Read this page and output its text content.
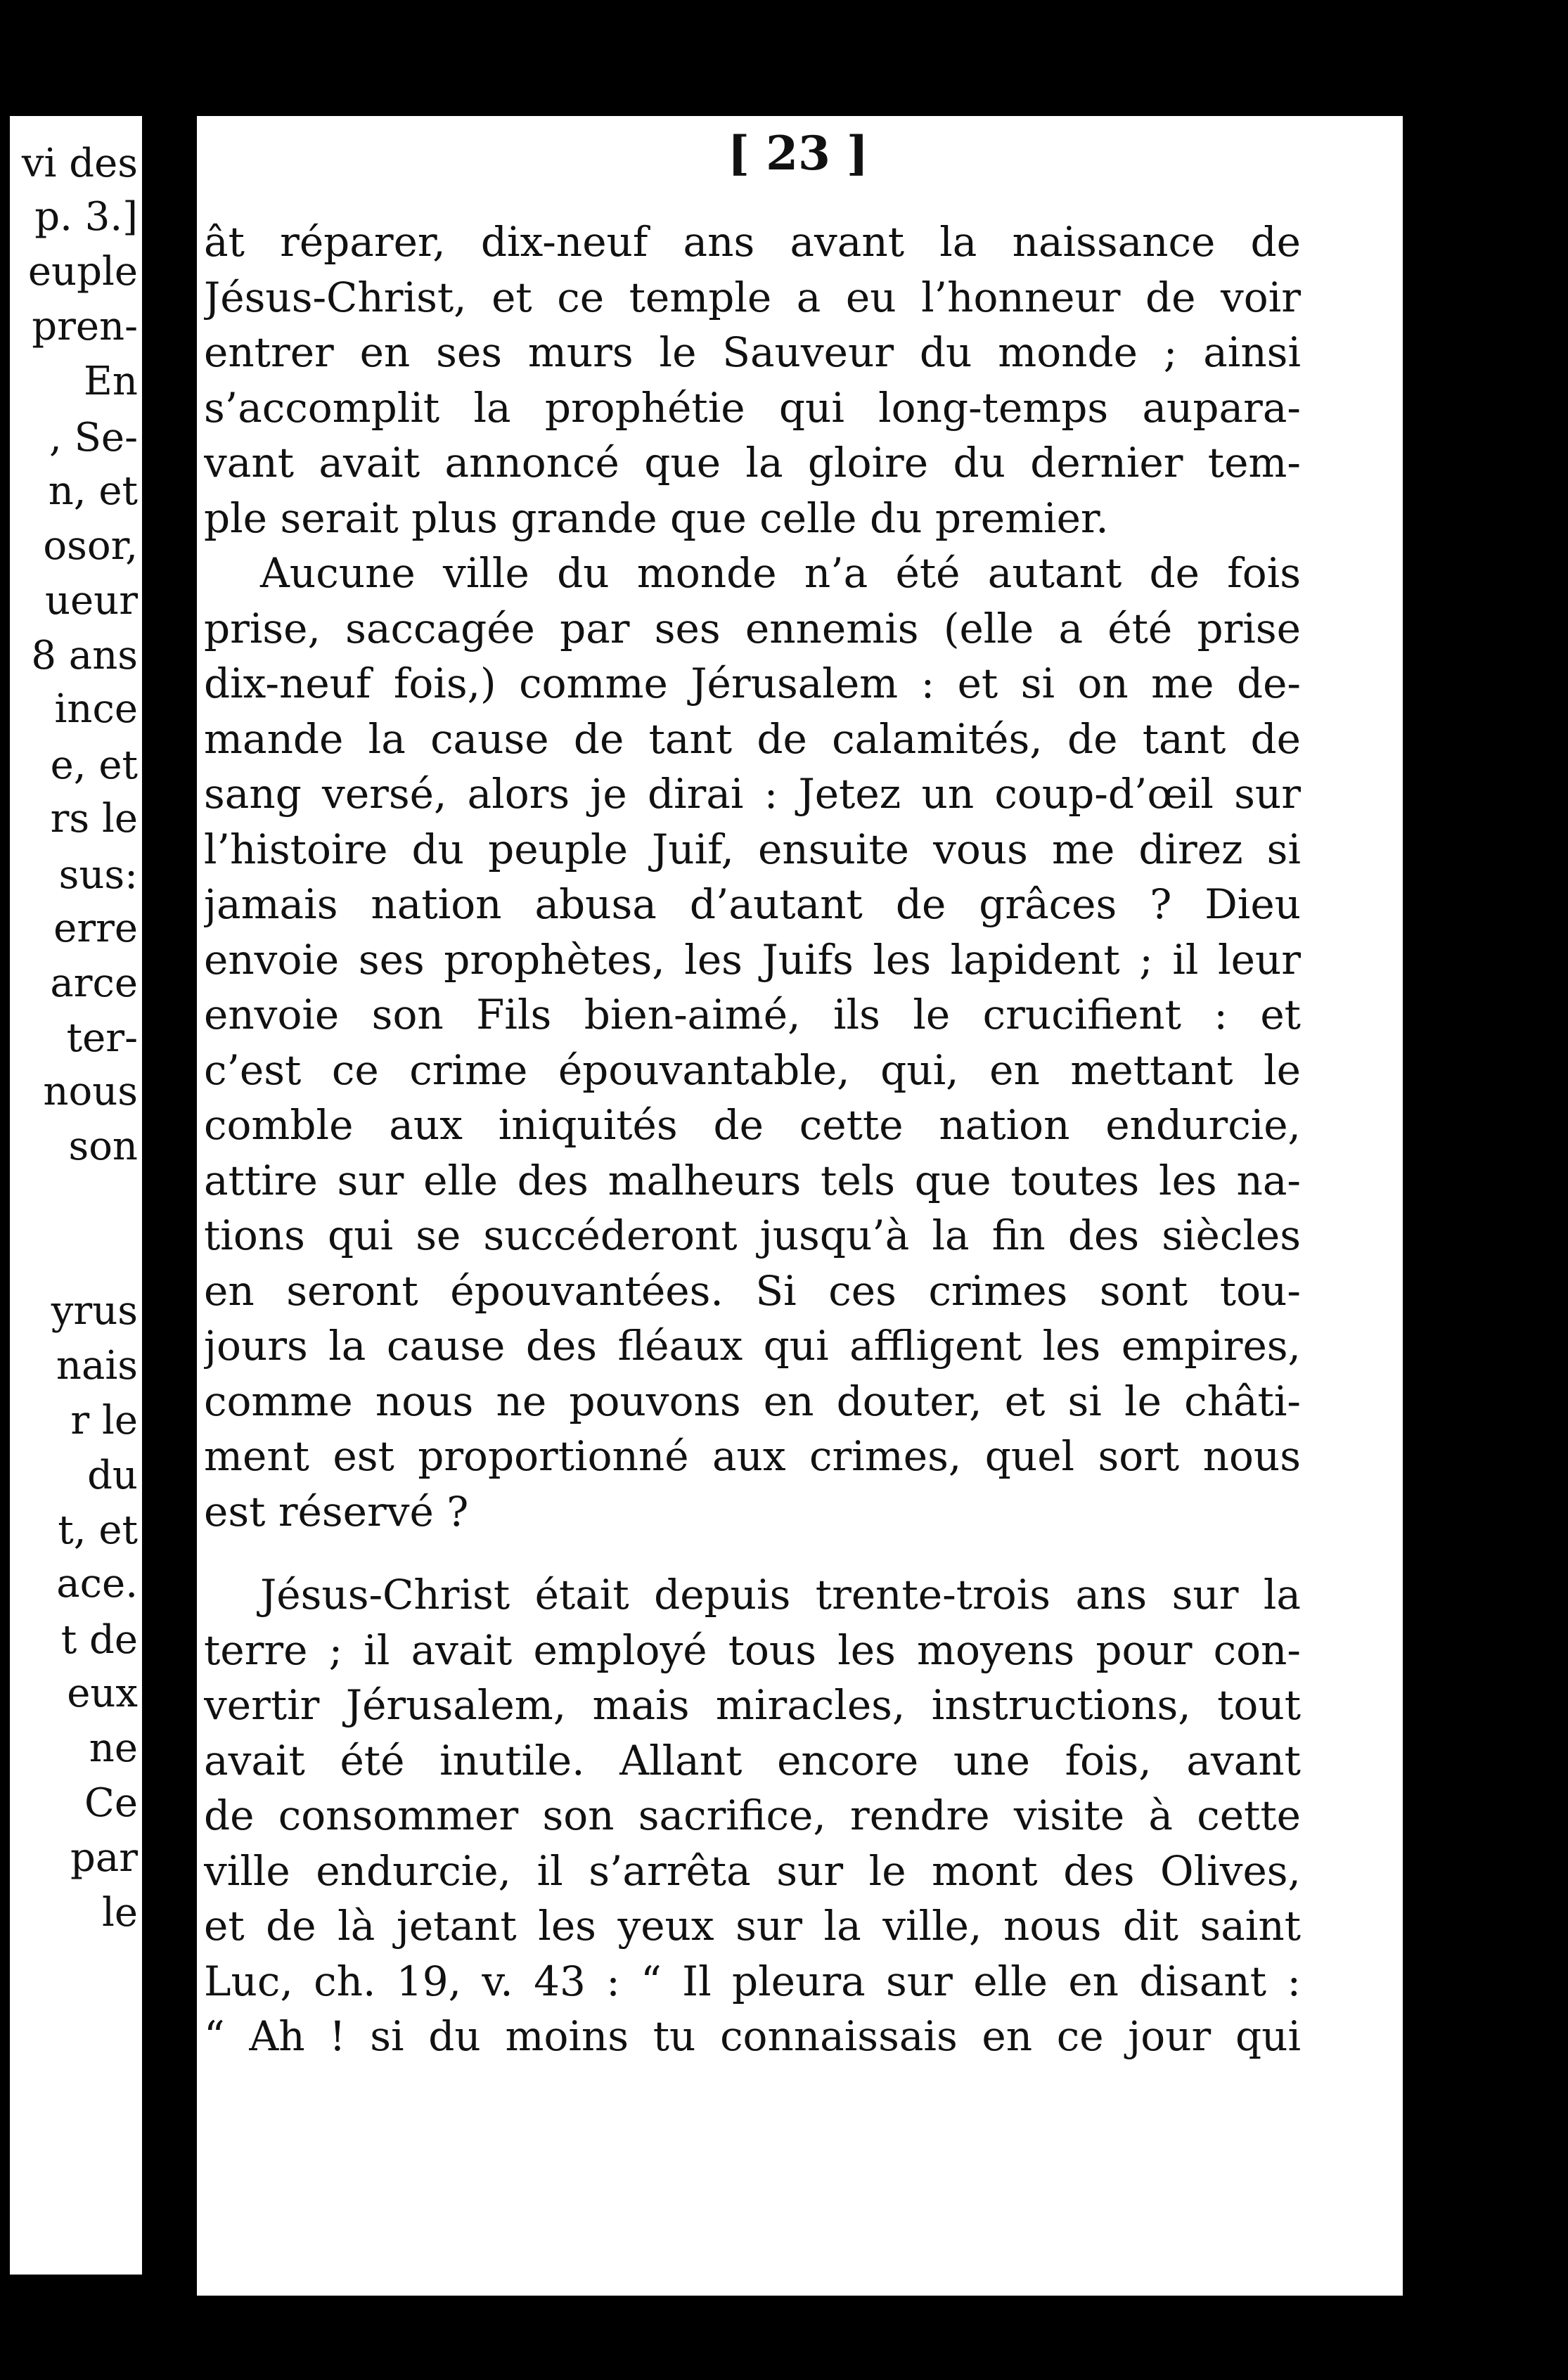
vi des
p. 3.]
euple
pren-
En
, Se-
n, et
osor,
ueur
8 ans
ince
e, et
rs le
sus:
erre
arce
ter-
nous
son
yrus
nais
r le
du
t, et
ace.
t de
eux
ne
Ce
par
le
[ 23 ]
ât réparer, dix-neuf ans avant la naissance de
Jésus-Christ, et ce temple a eu l’honneur de voir
entrer en ses murs le Sauveur du monde ; ainsi
s’accomplit la prophétie qui long-temps aupara-
vant avait annoncé que la gloire du dernier tem-
ple serait plus grande que celle du premier.
Aucune ville du monde n’a été autant de fois
prise, saccagée par ses ennemis (elle a été prise
dix-neuf fois,) comme Jérusalem : et si on me de-
mande la cause de tant de calamités, de tant de
sang versé, alors je dirai : Jetez un coup-d’œil sur
l’histoire du peuple Juif, ensuite vous me direz si
jamais nation abusa d’autant de grâces ? Dieu
envoie ses prophètes, les Juifs les lapident ; il leur
envoie son Fils bien-aimé, ils le crucifient : et
c’est ce crime épouvantable, qui, en mettant le
comble aux iniquités de cette nation endurcie,
attire sur elle des malheurs tels que toutes les na-
tions qui se succéderont jusqu’à la fin des siècles
en seront épouvantées. Si ces crimes sont tou-
jours la cause des fléaux qui affligent les empires,
comme nous ne pouvons en douter, et si le châti-
ment est proportionné aux crimes, quel sort nous
est réservé ?
Jésus-Christ était depuis trente-trois ans sur la
terre ; il avait employé tous les moyens pour con-
vertir Jérusalem, mais miracles, instructions, tout
avait été inutile. Allant encore une fois, avant
de consommer son sacrifice, rendre visite à cette
ville endurcie, il s’arrêta sur le mont des Olives,
et de là jetant les yeux sur la ville, nous dit saint
Luc, ch. 19, v. 43 : “ Il pleura sur elle en disant :
“ Ah ! si du moins tu connaissais en ce jour qui
